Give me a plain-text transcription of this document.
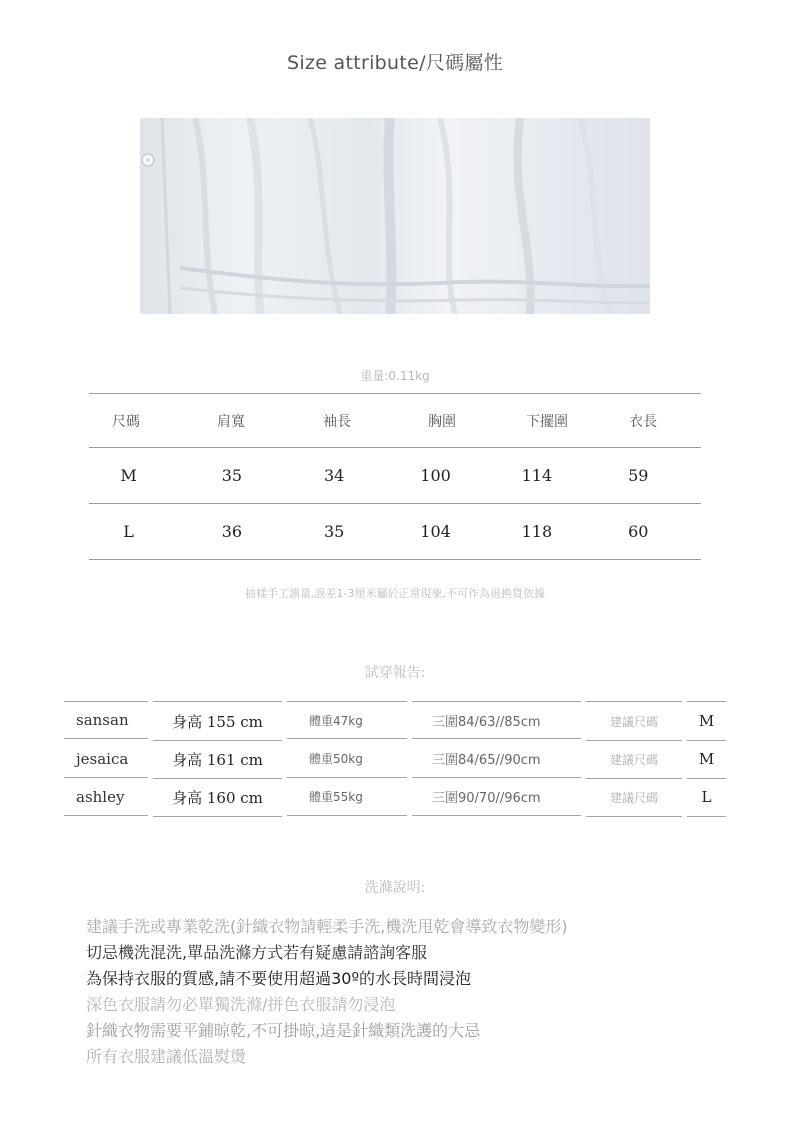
Size attribute/尺碼屬性
重量:0.11kg
尺碼	肩寬	袖長	胸圍	下擺圍	衣長
M	35	34	100	114	59
L	36	35	104	118	60
抽樣手工測量,誤差1-3厘米屬於正常現象,不可作為退換貨依據
試穿報告:
sansan	身高 155 cm	體重47kg	三圍84/63//85cm	建議尺碼	M
jesaica	身高 161 cm	體重50kg	三圍84/65//90cm	建議尺碼	M
ashley	身高 160 cm	體重55kg	三圍90/70//96cm	建議尺碼	L
洗滌說明:
建議手洗或專業乾洗(針織衣物請輕柔手洗,機洗甩乾會導致衣物變形)
切忌機洗混洗,單品洗滌方式若有疑慮請諮詢客服
為保持衣服的質感,請不要使用超過30º的水長時間浸泡
深色衣服請勿必單獨洗滌/拼色衣服請勿浸泡
針織衣物需要平鋪晾乾,不可掛晾,這是針織類洗護的大忌
所有衣服建議低溫熨燙
